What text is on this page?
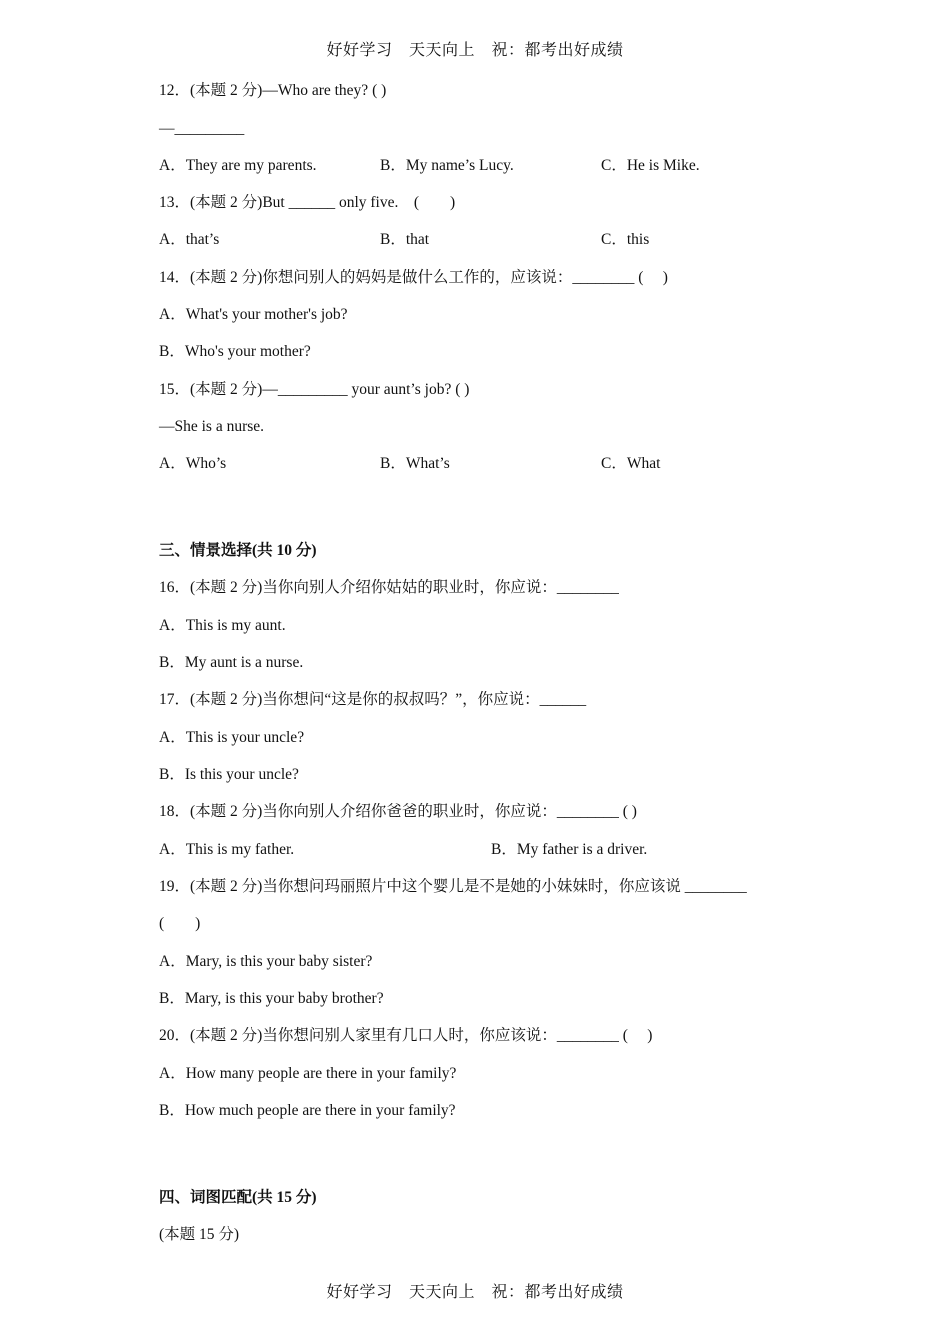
好好学习　天天向上　祝：都考出好成绩
12．(本题 2 分)—Who are they? ( )
—_________
A．They are my parents.	B．My name’s Lucy.	C．He is Mike.
13．(本题 2 分)But ______ only five.　(　　)
A．that’s	B．that	C．this
14．(本题 2 分)你想问别人的妈妈是做什么工作的，应该说：________ (　 )
A．What's your mother's job?
B．Who's your mother?
15．(本题 2 分)—_________ your aunt’s job? ( )
—She is a nurse.
A．Who’s	B．What’s	C．What
三、情景选择(共 10 分)
16．(本题 2 分)当你向别人介绍你姑姑的职业时，你应说：________
A．This is my aunt.
B．My aunt is a nurse.
17．(本题 2 分)当你想问“这是你的叔叔吗？”，你应说：______
A．This is your uncle?
B．Is this your uncle?
18．(本题 2 分)当你向别人介绍你爸爸的职业时，你应说：________ ( )
A．This is my father.	B．My father is a driver.
19．(本题 2 分)当你想问玛丽照片中这个婴儿是不是她的小妹妹时，你应该说 ________
(　　)
A．Mary, is this your baby sister?
B．Mary, is this your baby brother?
20．(本题 2 分)当你想问别人家里有几口人时，你应该说：________ (　 )
A．How many people are there in your family?
B．How much people are there in your family?
四、词图匹配(共 15 分)
(本题 15 分)
好好学习　天天向上　祝：都考出好成绩
